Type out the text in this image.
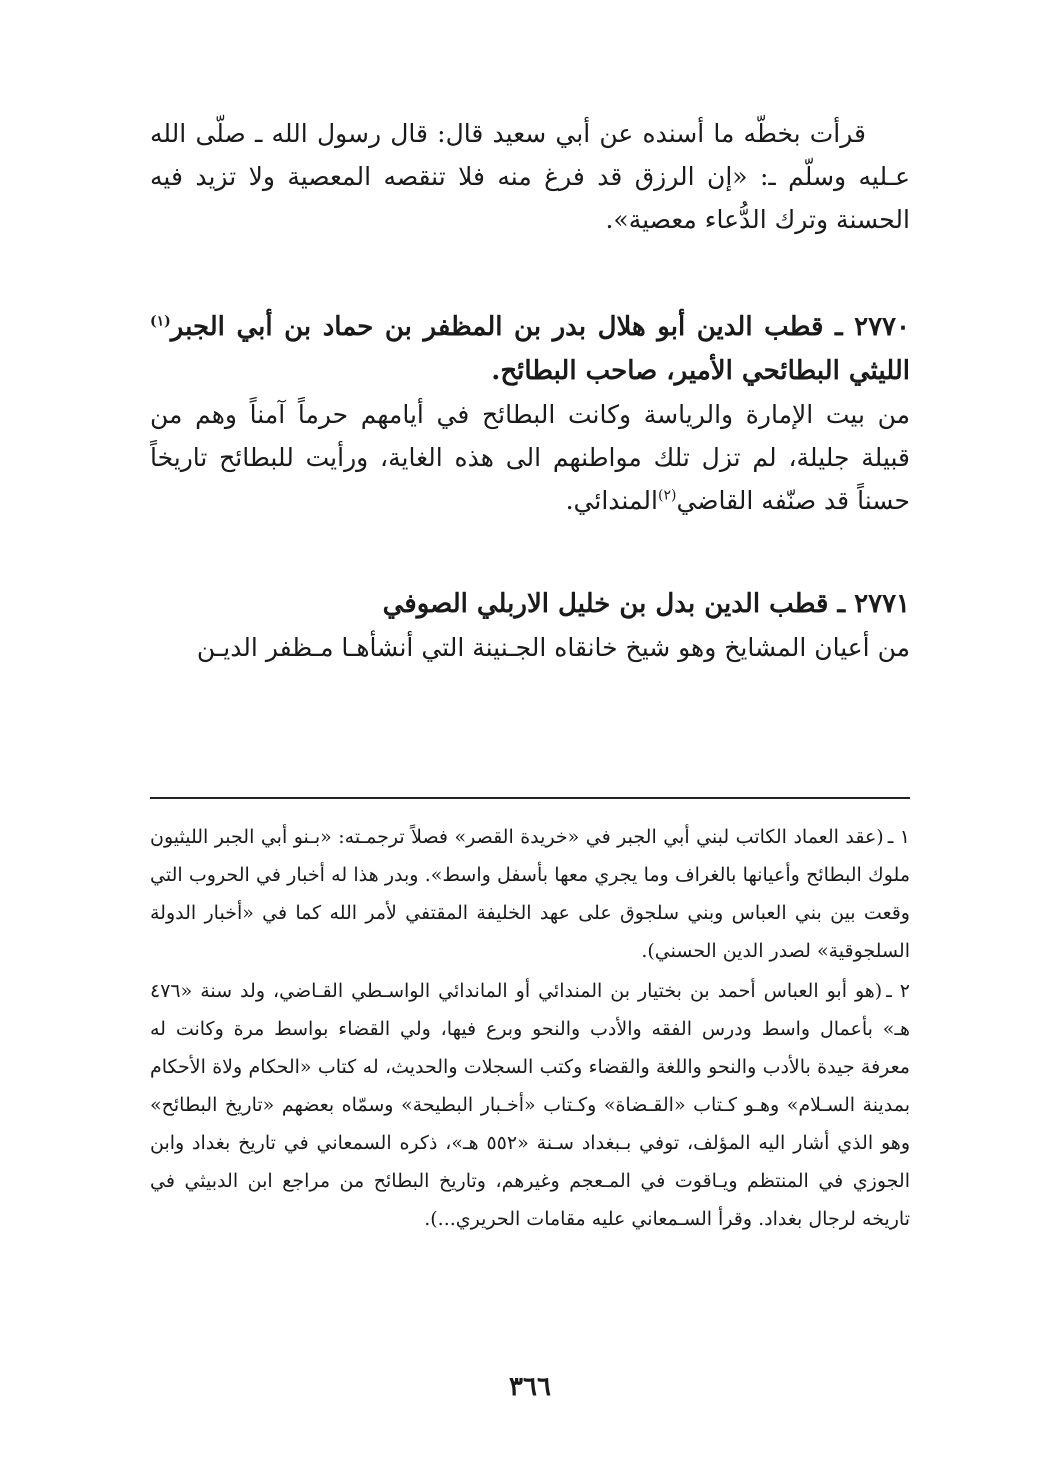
قرأت بخطّه ما أسنده عن أبي سعيد قال: قال رسول الله ـ صلّى الله عـليه وسلّم ـ: «إن الرزق قد فرغ منه فلا تنقصه المعصية ولا تزيد فيه الحسنة وترك الدُّعاء معصية».

٢٧٧٠ ـ قطب الدين أبو هلال بدر بن المظفر بن حماد بن أبي الجبر$^{(١)}$ الليثي البطائحي الأمير، صاحب البطائح.

من بيت الإمارة والرياسة وكانت البطائح في أيامهم حرماً آمناً وهم من قبيلة جليلة، لم تزل تلك مواطنهم الى هذه الغاية، ورأيت للبطائح تاريخاً حسناً قد صنّفه القاضي$^{(٢)}$المندائي.

٢٧٧١ ـ قطب الدين بدل بن خليل الاربلي الصوفي

من أعيان المشايخ وهو شيخ خانقاه الجـنينة التي أنشأهـا مـظفر الديـن

١ ـ(عقد العماد الكاتب لبني أبي الجبر في «خريدة القصر» فصلاً ترجمـته: «بـنو أبي الجبر الليثيون ملوك البطائح وأعيانها بالغراف وما يجري معها بأسفل واسط». وبدر هذا له أخبار في الحروب التي وقعت بين بني العباس وبني سلجوق على عهد الخليفة المقتفي لأمر الله كما في «أخبار الدولة السلجوقية» لصدر الدين الحسني).

٢ ـ(هو أبو العباس أحمد بن بختيار بن المندائي أو الماندائي الواسـطي القـاضي، ولد سنة «٤٧٦ هـ» بأعمال واسط ودرس الفقه والأدب والنحو وبرع فيها، ولي القضاء بواسط مرة وكانت له معرفة جيدة بالأدب والنحو واللغة والقضاء وكتب السجلات والحديث، له كتاب «الحكام ولاة الأحكام بمدينة السـلام» وهـو كـتاب «القـضاة» وكـتاب «أخـبار البطيحة» وسمّاه بعضهم «تاريخ البطائح» وهو الذي أشار اليه المؤلف، توفي بـبغداد سـنة «٥٥٢ هـ»، ذكره السمعاني في تاريخ بغداد وابن الجوزي في المنتظم ويـاقوت في المـعجم وغيرهم، وتاريخ البطائح من مراجع ابن الدبيثي في تاريخه لرجال بغداد. وقرأ السـمعاني عليه مقامات الحريري...).

٣٦٦
